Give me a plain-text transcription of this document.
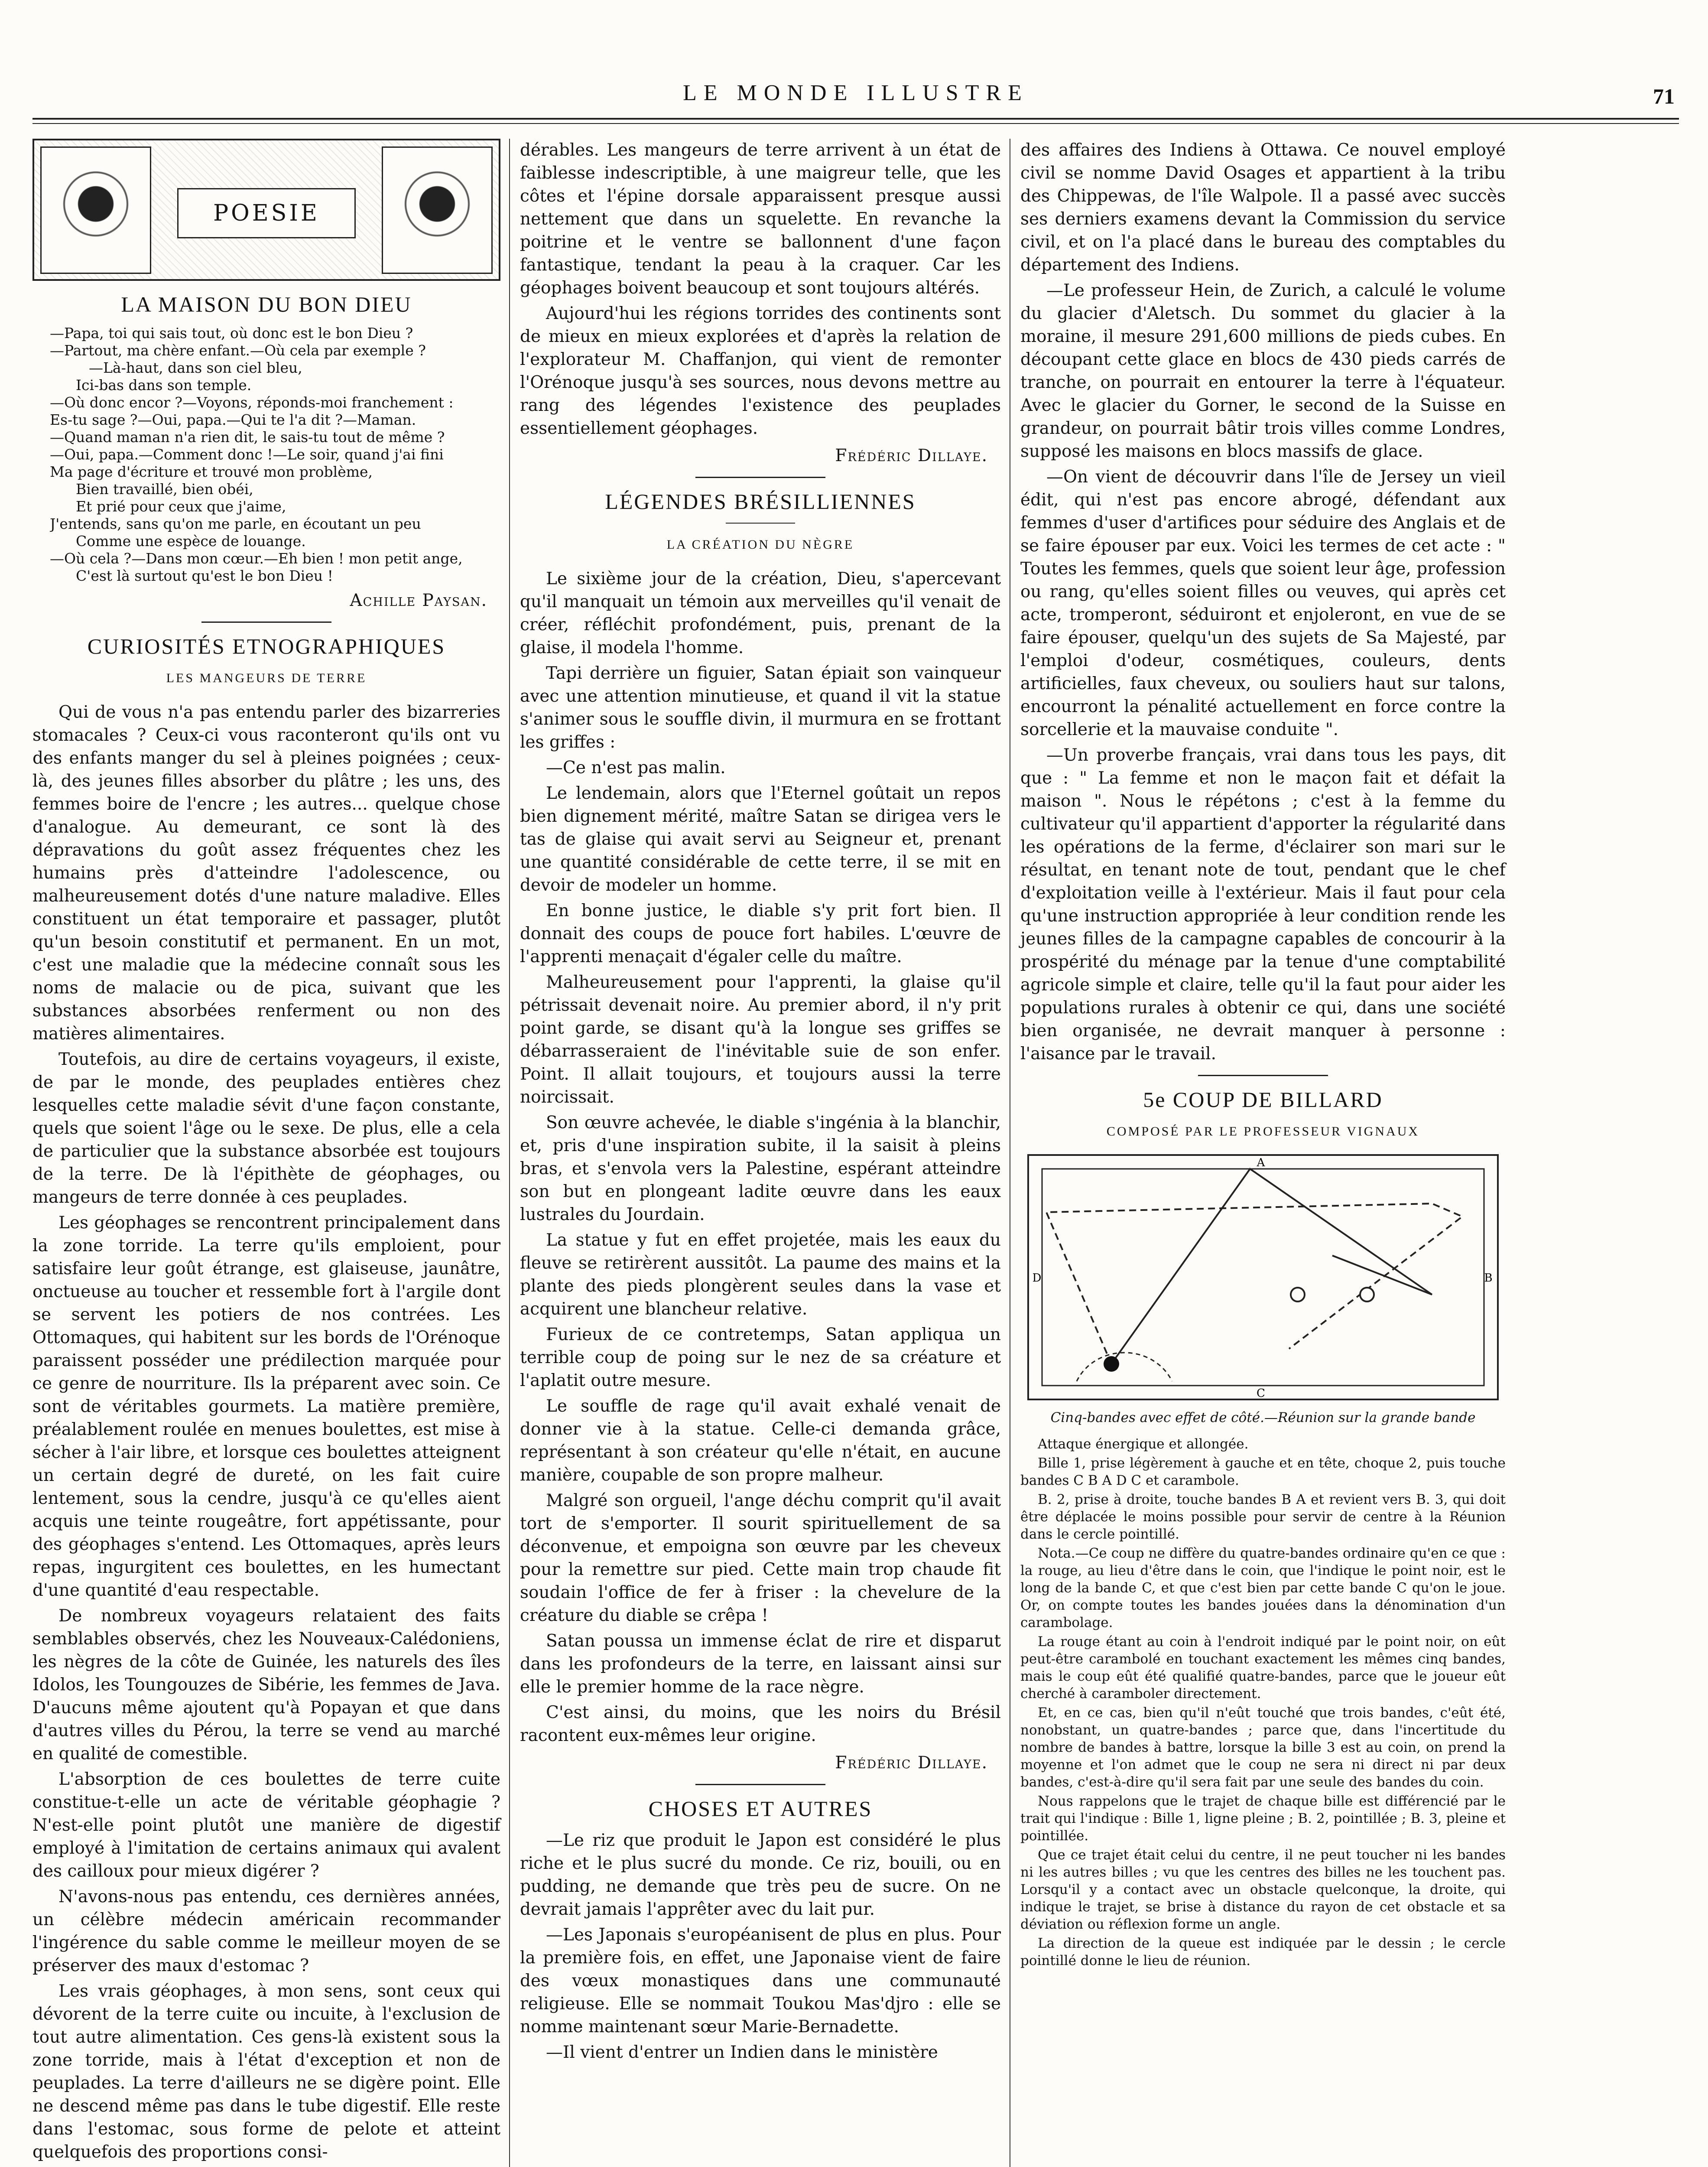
LE MONDE ILLUSTRE	71
POESIE
LA MAISON DU BON DIEU
—Papa, toi qui sais tout, où donc est le bon Dieu ?
—Partout, ma chère enfant.—Où cela par exemple ?
—Là-haut, dans son ciel bleu,
Ici-bas dans son temple.
—Où donc encor ?—Voyons, réponds-moi franchement :
Es-tu sage ?—Oui, papa.—Qui te l'a dit ?—Maman.
—Quand maman n'a rien dit, le sais-tu tout de même ?
—Oui, papa.—Comment donc !—Le soir, quand j'ai fini
Ma page d'écriture et trouvé mon problème,
Bien travaillé, bien obéi,
Et prié pour ceux que j'aime,
J'entends, sans qu'on me parle, en écoutant un peu
Comme une espèce de louange.
—Où cela ?—Dans mon cœur.—Eh bien ! mon petit ange,
C'est là surtout qu'est le bon Dieu !
Achille Paysan.
CURIOSITÉS ETNOGRAPHIQUES
LES MANGEURS DE TERRE

Qui de vous n'a pas entendu parler des bizarreries stomacales ? Ceux-ci vous raconteront qu'ils ont vu des enfants manger du sel à pleines poignées ; ceux-là, des jeunes filles absorber du plâtre ; les uns, des femmes boire de l'encre ; les autres... quelque chose d'analogue. Au demeurant, ce sont là des dépravations du goût assez fréquentes chez les humains près d'atteindre l'adolescence, ou malheureusement dotés d'une nature maladive. Elles constituent un état temporaire et passager, plutôt qu'un besoin constitutif et permanent. En un mot, c'est une maladie que la médecine connaît sous les noms de malacie ou de pica, suivant que les substances absorbées renferment ou non des matières alimentaires.

Toutefois, au dire de certains voyageurs, il existe, de par le monde, des peuplades entières chez lesquelles cette maladie sévit d'une façon constante, quels que soient l'âge ou le sexe. De plus, elle a cela de particulier que la substance absorbée est toujours de la terre. De là l'épithète de géophages, ou mangeurs de terre donnée à ces peuplades.

Les géophages se rencontrent principalement dans la zone torride. La terre qu'ils emploient, pour satisfaire leur goût étrange, est glaiseuse, jaunâtre, onctueuse au toucher et ressemble fort à l'argile dont se servent les potiers de nos contrées. Les Ottomaques, qui habitent sur les bords de l'Orénoque paraissent posséder une prédilection marquée pour ce genre de nourriture. Ils la préparent avec soin. Ce sont de véritables gourmets. La matière première, préalablement roulée en menues boulettes, est mise à sécher à l'air libre, et lorsque ces boulettes atteignent un certain degré de dureté, on les fait cuire lentement, sous la cendre, jusqu'à ce qu'elles aient acquis une teinte rougeâtre, fort appétissante, pour des géophages s'entend. Les Ottomaques, après leurs repas, ingurgitent ces boulettes, en les humectant d'une quantité d'eau respectable.

De nombreux voyageurs relataient des faits semblables observés, chez les Nouveaux-Calédoniens, les nègres de la côte de Guinée, les naturels des îles Idolos, les Toungouzes de Sibérie, les femmes de Java. D'aucuns même ajoutent qu'à Popayan et que dans d'autres villes du Pérou, la terre se vend au marché en qualité de comestible.

L'absorption de ces boulettes de terre cuite constitue-t-elle un acte de véritable géophagie ? N'est-elle point plutôt une manière de digestif employé à l'imitation de certains animaux qui avalent des cailloux pour mieux digérer ?

N'avons-nous pas entendu, ces dernières années, un célèbre médecin américain recommander l'ingérence du sable comme le meilleur moyen de se préserver des maux d'estomac ?

Les vrais géophages, à mon sens, sont ceux qui dévorent de la terre cuite ou incuite, à l'exclusion de tout autre alimentation. Ces gens-là existent sous la zone torride, mais à l'état d'exception et non de peuplades. La terre d'ailleurs ne se digère point. Elle ne descend même pas dans le tube digestif. Elle reste dans l'estomac, sous forme de pelote et atteint quelquefois des proportions consi-

dérables. Les mangeurs de terre arrivent à un état de faiblesse indescriptible, à une maigreur telle, que les côtes et l'épine dorsale apparaissent presque aussi nettement que dans un squelette. En revanche la poitrine et le ventre se ballonnent d'une façon fantastique, tendant la peau à la craquer. Car les géophages boivent beaucoup et sont toujours altérés.

Aujourd'hui les régions torrides des continents sont de mieux en mieux explorées et d'après la relation de l'explorateur M. Chaffanjon, qui vient de remonter l'Orénoque jusqu'à ses sources, nous devons mettre au rang des légendes l'existence des peuplades essentiellement géophages.

Frédéric Dillaye.
LÉGENDES BRÉSILLIENNES
LA CRÉATION DU NÈGRE

Le sixième jour de la création, Dieu, s'apercevant qu'il manquait un témoin aux merveilles qu'il venait de créer, réfléchit profondément, puis, prenant de la glaise, il modela l'homme.

Tapi derrière un figuier, Satan épiait son vainqueur avec une attention minutieuse, et quand il vit la statue s'animer sous le souffle divin, il murmura en se frottant les griffes :

—Ce n'est pas malin.

Le lendemain, alors que l'Eternel goûtait un repos bien dignement mérité, maître Satan se dirigea vers le tas de glaise qui avait servi au Seigneur et, prenant une quantité considérable de cette terre, il se mit en devoir de modeler un homme.

En bonne justice, le diable s'y prit fort bien. Il donnait des coups de pouce fort habiles. L'œuvre de l'apprenti menaçait d'égaler celle du maître.

Malheureusement pour l'apprenti, la glaise qu'il pétrissait devenait noire. Au premier abord, il n'y prit point garde, se disant qu'à la longue ses griffes se débarrasseraient de l'inévitable suie de son enfer. Point. Il allait toujours, et toujours aussi la terre noircissait.

Son œuvre achevée, le diable s'ingénia à la blanchir, et, pris d'une inspiration subite, il la saisit à pleins bras, et s'envola vers la Palestine, espérant atteindre son but en plongeant ladite œuvre dans les eaux lustrales du Jourdain.

La statue y fut en effet projetée, mais les eaux du fleuve se retirèrent aussitôt. La paume des mains et la plante des pieds plongèrent seules dans la vase et acquirent une blancheur relative.

Furieux de ce contretemps, Satan appliqua un terrible coup de poing sur le nez de sa créature et l'aplatit outre mesure.

Le souffle de rage qu'il avait exhalé venait de donner vie à la statue. Celle-ci demanda grâce, représentant à son créateur qu'elle n'était, en aucune manière, coupable de son propre malheur.

Malgré son orgueil, l'ange déchu comprit qu'il avait tort de s'emporter. Il sourit spirituellement de sa déconvenue, et empoigna son œuvre par les cheveux pour la remettre sur pied. Cette main trop chaude fit soudain l'office de fer à friser : la chevelure de la créature du diable se crêpa !

Satan poussa un immense éclat de rire et disparut dans les profondeurs de la terre, en laissant ainsi sur elle le premier homme de la race nègre.

C'est ainsi, du moins, que les noirs du Brésil racontent eux-mêmes leur origine.

Frédéric Dillaye.
CHOSES ET AUTRES

—Le riz que produit le Japon est considéré le plus riche et le plus sucré du monde. Ce riz, bouili, ou en pudding, ne demande que très peu de sucre. On ne devrait jamais l'apprêter avec du lait pur.

—Les Japonais s'européanisent de plus en plus. Pour la première fois, en effet, une Japonaise vient de faire des vœux monastiques dans une communauté religieuse. Elle se nommait Toukou Mas'djro : elle se nomme maintenant sœur Marie-Bernadette.

—Il vient d'entrer un Indien dans le ministère

des affaires des Indiens à Ottawa. Ce nouvel employé civil se nomme David Osages et appartient à la tribu des Chippewas, de l'île Walpole. Il a passé avec succès ses derniers examens devant la Commission du service civil, et on l'a placé dans le bureau des comptables du département des Indiens.

—Le professeur Hein, de Zurich, a calculé le volume du glacier d'Aletsch. Du sommet du glacier à la moraine, il mesure 291,600 millions de pieds cubes. En découpant cette glace en blocs de 430 pieds carrés de tranche, on pourrait en entourer la terre à l'équateur. Avec le glacier du Gorner, le second de la Suisse en grandeur, on pourrait bâtir trois villes comme Londres, supposé les maisons en blocs massifs de glace.

—On vient de découvrir dans l'île de Jersey un vieil édit, qui n'est pas encore abrogé, défendant aux femmes d'user d'artifices pour séduire des Anglais et de se faire épouser par eux. Voici les termes de cet acte : " Toutes les femmes, quels que soient leur âge, profession ou rang, qu'elles soient filles ou veuves, qui après cet acte, tromperont, séduiront et enjoleront, en vue de se faire épouser, quelqu'un des sujets de Sa Majesté, par l'emploi d'odeur, cosmétiques, couleurs, dents artificielles, faux cheveux, ou souliers haut sur talons, encourront la pénalité actuellement en force contre la sorcellerie et la mauvaise conduite ".

—Un proverbe français, vrai dans tous les pays, dit que : " La femme et non le maçon fait et défait la maison ". Nous le répétons ; c'est à la femme du cultivateur qu'il appartient d'apporter la régularité dans les opérations de la ferme, d'éclairer son mari sur le résultat, en tenant note de tout, pendant que le chef d'exploitation veille à l'extérieur. Mais il faut pour cela qu'une instruction appropriée à leur condition rende les jeunes filles de la campagne capables de concourir à la prospérité du ménage par la tenue d'une comptabilité agricole simple et claire, telle qu'il la faut pour aider les populations rurales à obtenir ce qui, dans une société bien organisée, ne devrait manquer à personne : l'aisance par le travail.

5e COUP DE BILLARD
COMPOSÉ PAR LE PROFESSEUR VIGNAUX
A
B
C
D
Cinq-bandes avec effet de côté.—Réunion sur la grande bande

Attaque énergique et allongée.

Bille 1, prise légèrement à gauche et en tête, choque 2, puis touche bandes C B A D C et carambole.

B. 2, prise à droite, touche bandes B A et revient vers B. 3, qui doit être déplacée le moins possible pour servir de centre à la Réunion dans le cercle pointillé.

Nota.—Ce coup ne diffère du quatre-bandes ordinaire qu'en ce que : la rouge, au lieu d'être dans le coin, que l'indique le point noir, est le long de la bande C, et que c'est bien par cette bande C qu'on le joue. Or, on compte toutes les bandes jouées dans la dénomination d'un carambolage.

La rouge étant au coin à l'endroit indiqué par le point noir, on eût peut-être carambolé en touchant exactement les mêmes cinq bandes, mais le coup eût été qualifié quatre-bandes, parce que le joueur eût cherché à caramboler directement.

Et, en ce cas, bien qu'il n'eût touché que trois bandes, c'eût été, nonobstant, un quatre-bandes ; parce que, dans l'incertitude du nombre de bandes à battre, lorsque la bille 3 est au coin, on prend la moyenne et l'on admet que le coup ne sera ni direct ni par deux bandes, c'est-à-dire qu'il sera fait par une seule des bandes du coin.

Nous rappelons que le trajet de chaque bille est différencié par le trait qui l'indique : Bille 1, ligne pleine ; B. 2, pointillée ; B. 3, pleine et pointillée.

Que ce trajet était celui du centre, il ne peut toucher ni les bandes ni les autres billes ; vu que les centres des billes ne les touchent pas. Lorsqu'il y a contact avec un obstacle quelconque, la droite, qui indique le trajet, se brise à distance du rayon de cet obstacle et sa déviation ou réflexion forme un angle.

La direction de la queue est indiquée par le dessin ; le cercle pointillé donne le lieu de réunion.
